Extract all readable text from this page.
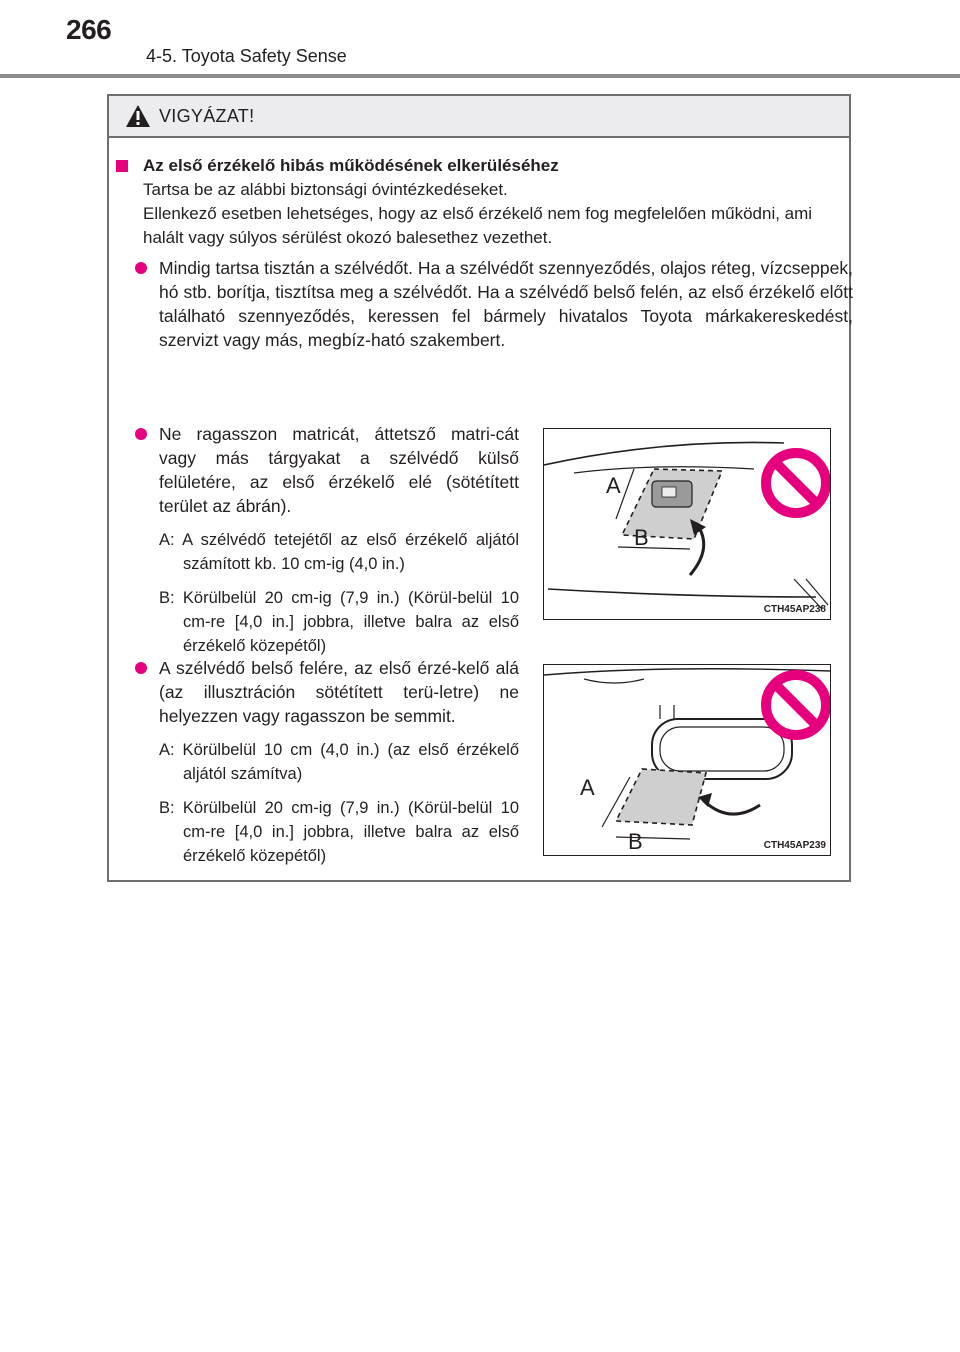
266
4-5. Toyota Safety Sense
VIGYÁZAT!
Az első érzékelő hibás működésének elkerüléséhez
Tartsa be az alábbi biztonsági óvintézkedéseket.
Ellenkező esetben lehetséges, hogy az első érzékelő nem fog megfelelően működni, ami halált vagy súlyos sérülést okozó balesethez vezethet.
Mindig tartsa tisztán a szélvédőt. Ha a szélvédőt szennyeződés, olajos réteg, vízcseppek, hó stb. borítja, tisztítsa meg a szélvédőt. Ha a szélvédő belső felén, az első érzékelő előtt található szennyeződés, keressen fel bármely hivatalos Toyota márkakereskedést, szervizt vagy más, megbíz-ható szakembert.
Ne ragasszon matricát, áttetsző matri-cát vagy más tárgyakat a szélvédő külső felületére, az első érzékelő elé (sötétített terület az ábrán).
A: A szélvédő tetejétől az első érzékelő aljától számított kb. 10 cm-ig (4,0 in.)
B: Körülbelül 20 cm-ig (7,9 in.) (Körül-belül 10 cm-re [4,0 in.] jobbra, illetve balra az első érzékelő közepétől)
A szélvédő belső felére, az első érzé-kelő alá (az illusztráción sötétített terü-letre) ne helyezzen vagy ragasszon be semmit.
A: Körülbelül 10 cm (4,0 in.) (az első érzékelő aljától számítva)
B: Körülbelül 20 cm-ig (7,9 in.) (Körül-belül 10 cm-re [4,0 in.] jobbra, illetve balra az első érzékelő közepétől)
A
B
CTH45AP238
A
B	CTH45AP239
